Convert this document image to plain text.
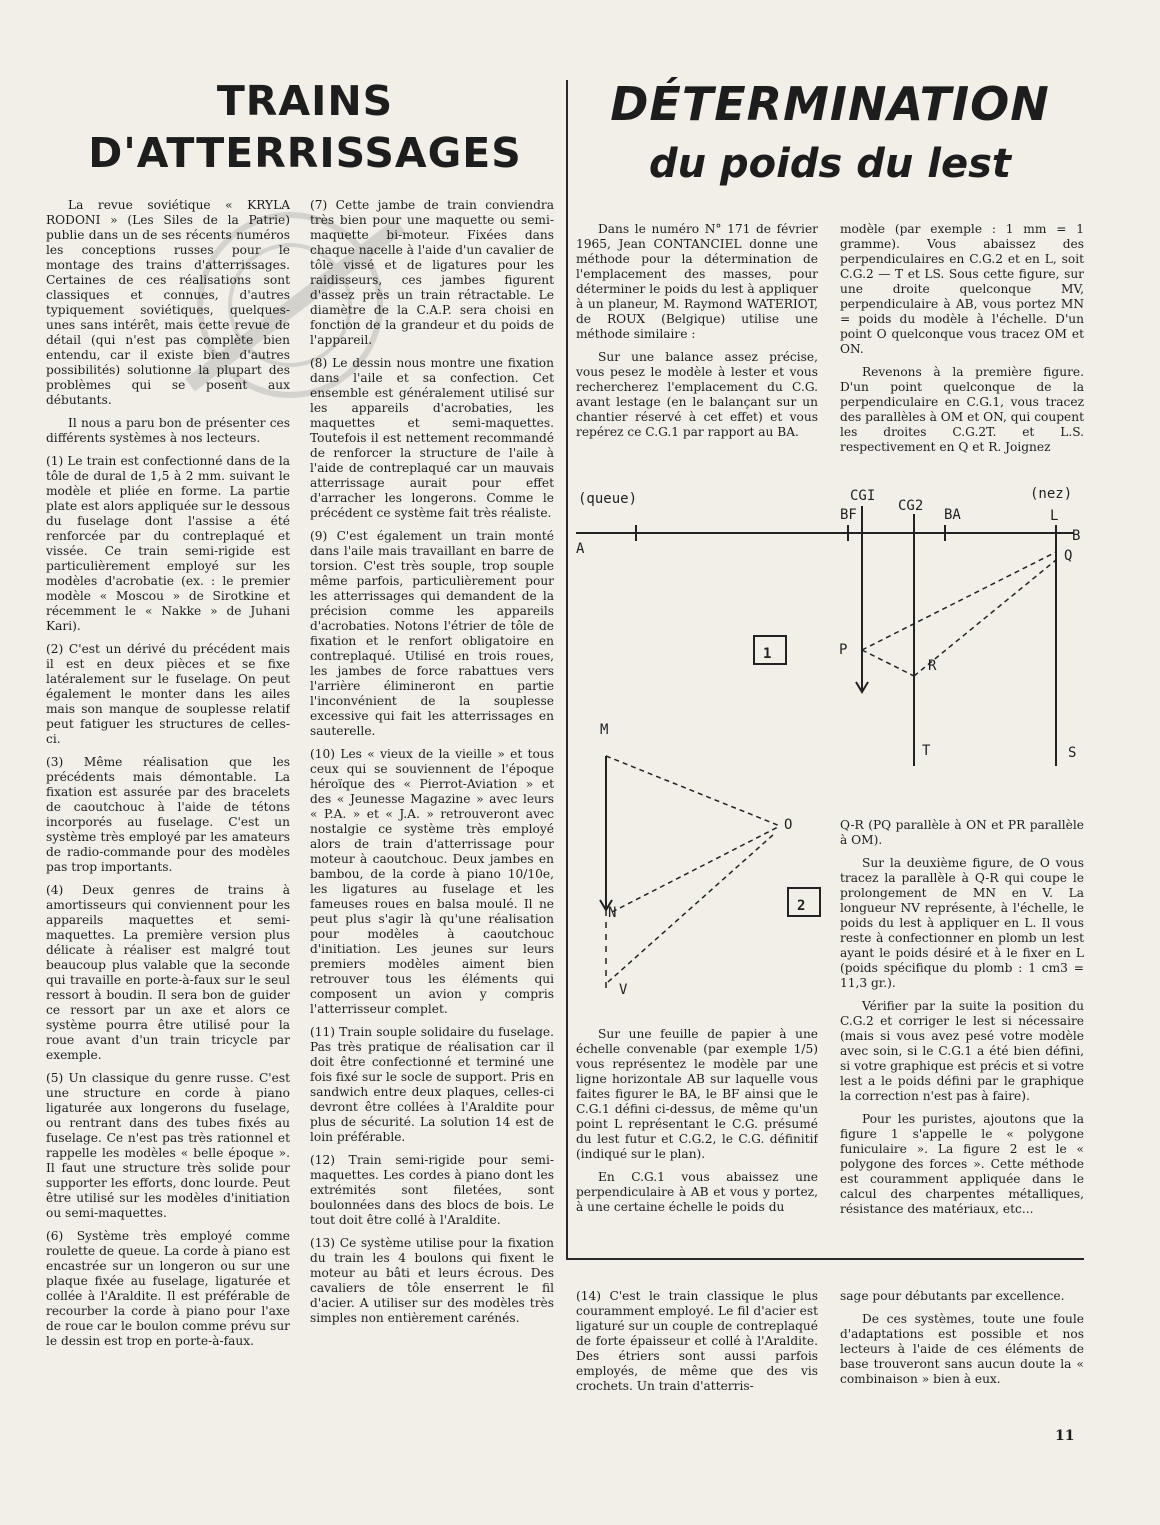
TRAINS
D'ATTERRISSAGES
DÉTERMINATION
du poids du lest

La revue soviétique « KRYLA RODONI » (Les Siles de la Patrie) publie dans un de ses récents numéros les conceptions russes pour le montage des trains d'atterrissages. Certaines de ces réalisations sont classiques et connues, d'autres typiquement soviétiques, quelques-unes sans intérêt, mais cette revue de détail (qui n'est pas complète bien entendu, car il existe bien d'autres possibilités) solutionne la plupart des problèmes qui se posent aux débutants.

Il nous a paru bon de présenter ces différents systèmes à nos lecteurs.

(1) Le train est confectionné dans de la tôle de dural de 1,5 à 2 mm. suivant le modèle et pliée en forme. La partie plate est alors appliquée sur le dessous du fuselage dont l'assise a été renforcée par du contreplaqué et vissée. Ce train semi-rigide est particulièrement employé sur les modèles d'acrobatie (ex. : le premier modèle « Moscou » de Sirotkine et récemment le « Nakke » de Juhani Kari).

(2) C'est un dérivé du précédent mais il est en deux pièces et se fixe latéralement sur le fuselage. On peut également le monter dans les ailes mais son manque de souplesse relatif peut fatiguer les structures de celles-ci.

(3) Même réalisation que les précédents mais démontable. La fixation est assurée par des bracelets de caoutchouc à l'aide de tétons incorporés au fuselage. C'est un système très employé par les amateurs de radio-commande pour des modèles pas trop importants.

(4) Deux genres de trains à amortisseurs qui conviennent pour les appareils maquettes et semi-maquettes. La première version plus délicate à réaliser est malgré tout beaucoup plus valable que la seconde qui travaille en porte-à-faux sur le seul ressort à boudin. Il sera bon de guider ce ressort par un axe et alors ce système pourra être utilisé pour la roue avant d'un train tricycle par exemple.

(5) Un classique du genre russe. C'est une structure en corde à piano ligaturée aux longerons du fuselage, ou rentrant dans des tubes fixés au fuselage. Ce n'est pas très rationnel et rappelle les modèles « belle époque ». Il faut une structure très solide pour supporter les efforts, donc lourde. Peut être utilisé sur les modèles d'initiation ou semi-maquettes.

(6) Système très employé comme roulette de queue. La corde à piano est encastrée sur un longeron ou sur une plaque fixée au fuselage, ligaturée et collée à l'Araldite. Il est préférable de recourber la corde à piano pour l'axe de roue car le boulon comme prévu sur le dessin est trop en porte-à-faux.

(7) Cette jambe de train conviendra très bien pour une maquette ou semi-maquette bi-moteur. Fixées dans chaque nacelle à l'aide d'un cavalier de tôle vissé et de ligatures pour les raidisseurs, ces jambes figurent d'assez près un train rétractable. Le diamètre de la C.A.P. sera choisi en fonction de la grandeur et du poids de l'appareil.

(8) Le dessin nous montre une fixation dans l'aile et sa confection. Cet ensemble est généralement utilisé sur les appareils d'acrobaties, les maquettes et semi-maquettes. Toutefois il est nettement recommandé de renforcer la structure de l'aile à l'aide de contreplaqué car un mauvais atterrissage aurait pour effet d'arracher les longerons. Comme le précédent ce système fait très réaliste.

(9) C'est également un train monté dans l'aile mais travaillant en barre de torsion. C'est très souple, trop souple même parfois, particulièrement pour les atterrissages qui demandent de la précision comme les appareils d'acrobaties. Notons l'étrier de tôle de fixation et le renfort obligatoire en contreplaqué. Utilisé en trois roues, les jambes de force rabattues vers l'arrière élimineront en partie l'inconvénient de la souplesse excessive qui fait les atterrissages en sauterelle.

(10) Les « vieux de la vieille » et tous ceux qui se souviennent de l'époque héroïque des « Pierrot-Aviation » et des « Jeunesse Magazine » avec leurs « P.A. » et « J.A. » retrouveront avec nostalgie ce système très employé alors de train d'atterrissage pour moteur à caoutchouc. Deux jambes en bambou, de la corde à piano 10/10e, les ligatures au fuselage et les fameuses roues en balsa moulé. Il ne peut plus s'agir là qu'une réalisation pour modèles à caoutchouc d'initiation. Les jeunes sur leurs premiers modèles aiment bien retrouver tous les éléments qui composent un avion y compris l'atterrisseur complet.

(11) Train souple solidaire du fuselage. Pas très pratique de réalisation car il doit être confectionné et terminé une fois fixé sur le socle de support. Pris en sandwich entre deux plaques, celles-ci devront être collées à l'Araldite pour plus de sécurité. La solution 14 est de loin préférable.

(12) Train semi-rigide pour semi-maquettes. Les cordes à piano dont les extrémités sont filetées, sont boulonnées dans des blocs de bois. Le tout doit être collé à l'Araldite.

(13) Ce système utilise pour la fixation du train les 4 boulons qui fixent le moteur au bâti et leurs écrous. Des cavaliers de tôle enserrent le fil d'acier. A utiliser sur des modèles très simples non entièrement carénés.

Dans le numéro N° 171 de février 1965, Jean CONTANCIEL donne une méthode pour la détermination de l'emplacement des masses, pour déterminer le poids du lest à appliquer à un planeur, M. Raymond WATERIOT, de ROUX (Belgique) utilise une méthode similaire :

Sur une balance assez précise, vous pesez le modèle à lester et vous rechercherez l'emplacement du C.G. avant lestage (en le balançant sur un chantier réservé à cet effet) et vous repérez ce C.G.1 par rapport au BA.

modèle (par exemple : 1 mm = 1 gramme). Vous abaissez des perpendiculaires en C.G.2 et en L, soit C.G.2 — T et LS. Sous cette figure, sur une droite quelconque MV, perpendiculaire à AB, vous portez MN = poids du modèle à l'échelle. D'un point O quelconque vous tracez OM et ON.

Revenons à la première figure. D'un point quelconque de la perpendiculaire en C.G.1, vous tracez des parallèles à OM et ON, qui coupent les droites C.G.2T. et L.S. respectivement en Q et R. Joignez

(queue)	(nez)
CGI
CG2
BF	BA	L
A
B
Q
P
R
T	S
M
O
N
V
1
2

Sur une feuille de papier à une échelle convenable (par exemple 1/5) vous représentez le modèle par une ligne horizontale AB sur laquelle vous faites figurer le BA, le BF ainsi que le C.G.1 défini ci-dessus, de même qu'un point L représentant le C.G. présumé du lest futur et C.G.2, le C.G. définitif (indiqué sur le plan).

En C.G.1 vous abaissez une perpendiculaire à AB et vous y portez, à une certaine échelle le poids du

Q-R (PQ parallèle à ON et PR parallèle à OM).

Sur la deuxième figure, de O vous tracez la parallèle à Q-R qui coupe le prolongement de MN en V. La longueur NV représente, à l'échelle, le poids du lest à appliquer en L. Il vous reste à confectionner en plomb un lest ayant le poids désiré et à le fixer en L (poids spécifique du plomb : 1 cm3 = 11,3 gr.).

Vérifier par la suite la position du C.G.2 et corriger le lest si nécessaire (mais si vous avez pesé votre modèle avec soin, si le C.G.1 a été bien défini, si votre graphique est précis et si votre lest a le poids défini par le graphique la correction n'est pas à faire).

Pour les puristes, ajoutons que la figure 1 s'appelle le « polygone funiculaire ». La figure 2 est le « polygone des forces ». Cette méthode est couramment appliquée dans le calcul des charpentes métalliques, résistance des matériaux, etc...

(14) C'est le train classique le plus couramment employé. Le fil d'acier est ligaturé sur un couple de contreplaqué de forte épaisseur et collé à l'Araldite. Des étriers sont aussi parfois employés, de même que des vis crochets. Un train d'atterris-

sage pour débutants par excellence.

De ces systèmes, toute une foule d'adaptations est possible et nos lecteurs à l'aide de ces éléments de base trouveront sans aucun doute la « combinaison » bien à eux.

11
